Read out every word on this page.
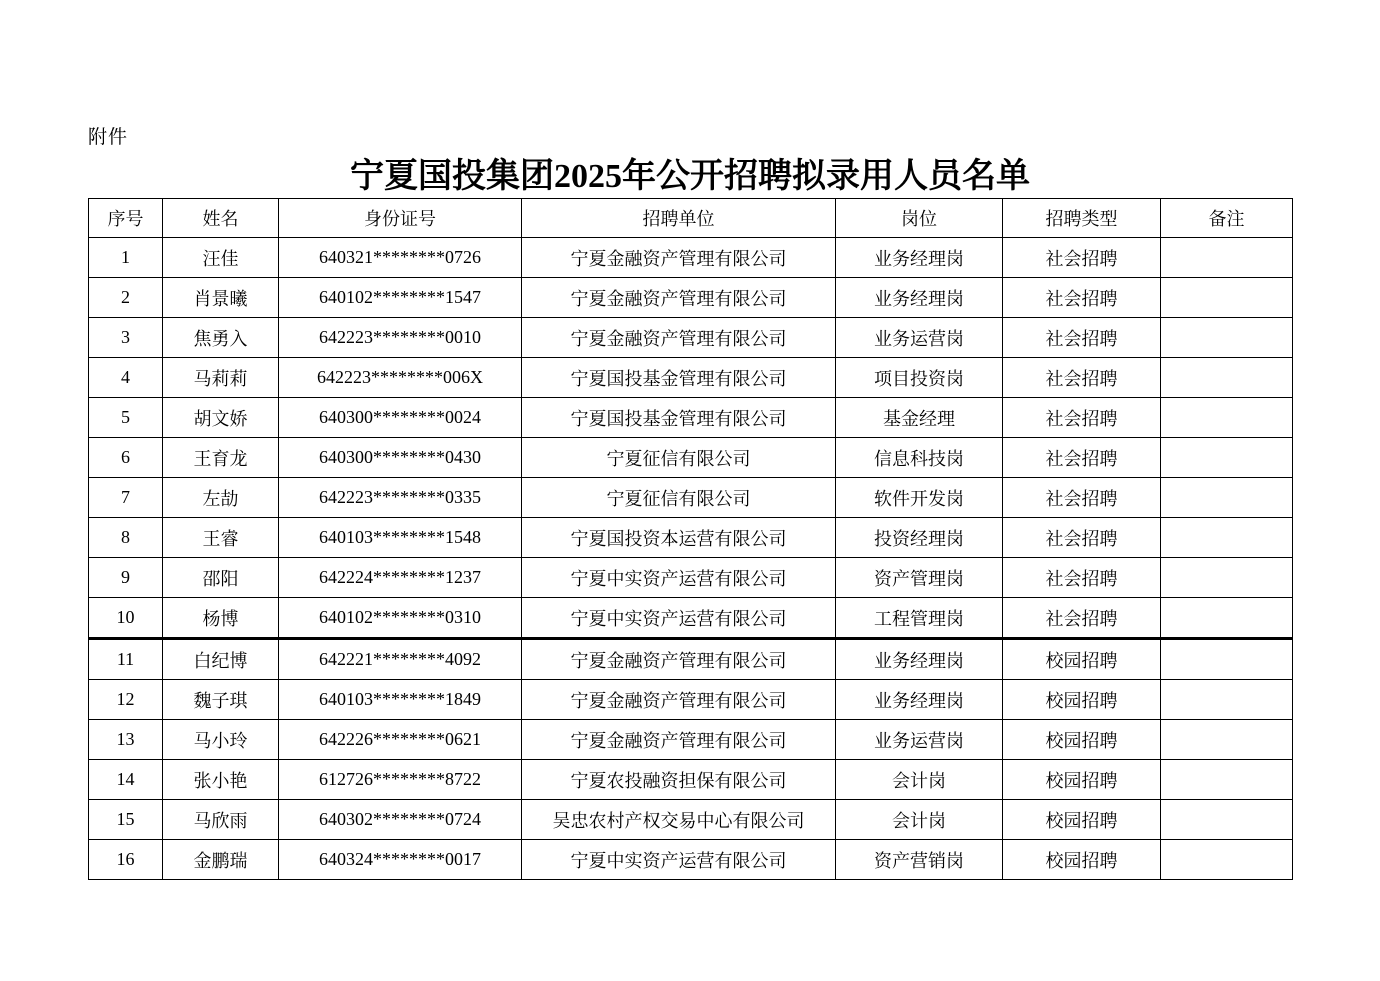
附件
宁夏国投集团2025年公开招聘拟录用人员名单
序号	姓名	身份证号	招聘单位	岗位	招聘类型	备注
1	汪佳	640321********0726	宁夏金融资产管理有限公司	业务经理岗	社会招聘	
2	肖景曦	640102********1547	宁夏金融资产管理有限公司	业务经理岗	社会招聘	
3	焦勇入	642223********0010	宁夏金融资产管理有限公司	业务运营岗	社会招聘	
4	马莉莉	642223********006X	宁夏国投基金管理有限公司	项目投资岗	社会招聘	
5	胡文娇	640300********0024	宁夏国投基金管理有限公司	基金经理	社会招聘	
6	王育龙	640300********0430	宁夏征信有限公司	信息科技岗	社会招聘	
7	左劼	642223********0335	宁夏征信有限公司	软件开发岗	社会招聘	
8	王睿	640103********1548	宁夏国投资本运营有限公司	投资经理岗	社会招聘	
9	邵阳	642224********1237	宁夏中实资产运营有限公司	资产管理岗	社会招聘	
10	杨博	640102********0310	宁夏中实资产运营有限公司	工程管理岗	社会招聘	
11	白纪博	642221********4092	宁夏金融资产管理有限公司	业务经理岗	校园招聘	
12	魏子琪	640103********1849	宁夏金融资产管理有限公司	业务经理岗	校园招聘	
13	马小玲	642226********0621	宁夏金融资产管理有限公司	业务运营岗	校园招聘	
14	张小艳	612726********8722	宁夏农投融资担保有限公司	会计岗	校园招聘	
15	马欣雨	640302********0724	吴忠农村产权交易中心有限公司	会计岗	校园招聘	
16	金鹏瑞	640324********0017	宁夏中实资产运营有限公司	资产营销岗	校园招聘	
